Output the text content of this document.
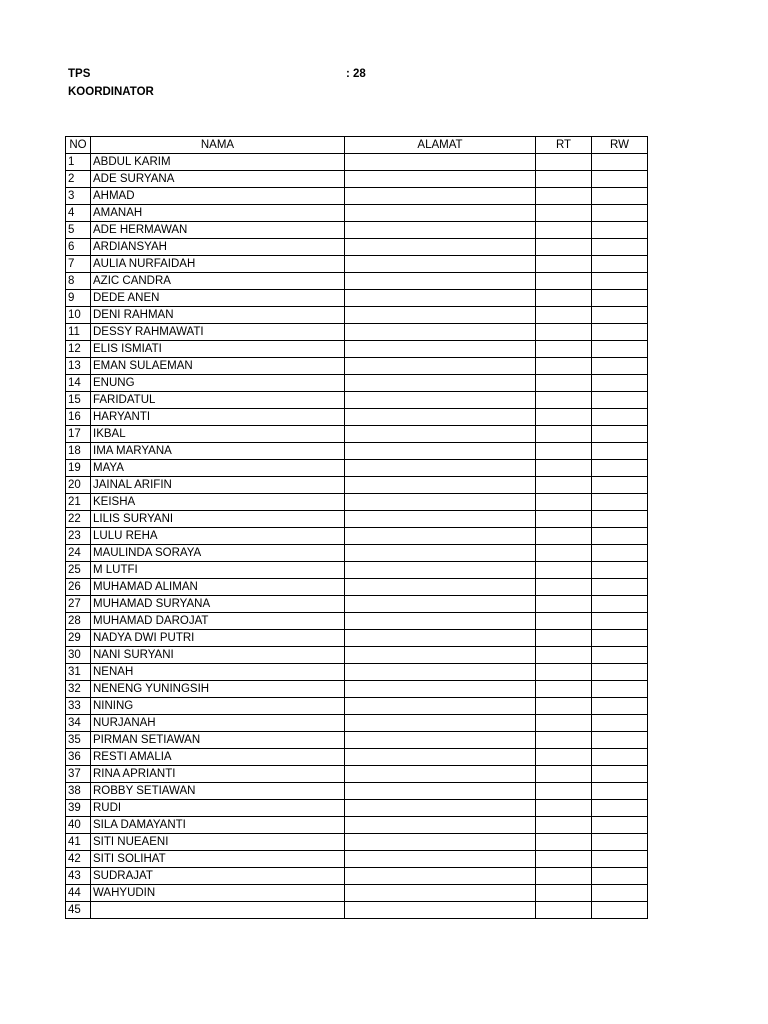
TPS	: 28
KOORDINATOR
NO	NAMA	ALAMAT	RT	RW
1	ABDUL KARIM			
2	ADE SURYANA			
3	AHMAD			
4	AMANAH			
5	ADE HERMAWAN			
6	ARDIANSYAH			
7	AULIA NURFAIDAH			
8	AZIC CANDRA			
9	DEDE ANEN			
10	DENI RAHMAN			
11	DESSY RAHMAWATI			
12	ELIS ISMIATI			
13	EMAN SULAEMAN			
14	ENUNG			
15	FARIDATUL			
16	HARYANTI			
17	IKBAL			
18	IMA MARYANA			
19	MAYA			
20	JAINAL ARIFIN			
21	KEISHA			
22	LILIS SURYANI			
23	LULU REHA			
24	MAULINDA SORAYA			
25	M LUTFI			
26	MUHAMAD ALIMAN			
27	MUHAMAD SURYANA			
28	MUHAMAD DAROJAT			
29	NADYA DWI PUTRI			
30	NANI SURYANI			
31	NENAH			
32	NENENG YUNINGSIH			
33	NINING			
34	NURJANAH			
35	PIRMAN SETIAWAN			
36	RESTI AMALIA			
37	RINA APRIANTI			
38	ROBBY SETIAWAN			
39	RUDI			
40	SILA DAMAYANTI			
41	SITI NUEAENI			
42	SITI SOLIHAT			
43	SUDRAJAT			
44	WAHYUDIN			
45				
